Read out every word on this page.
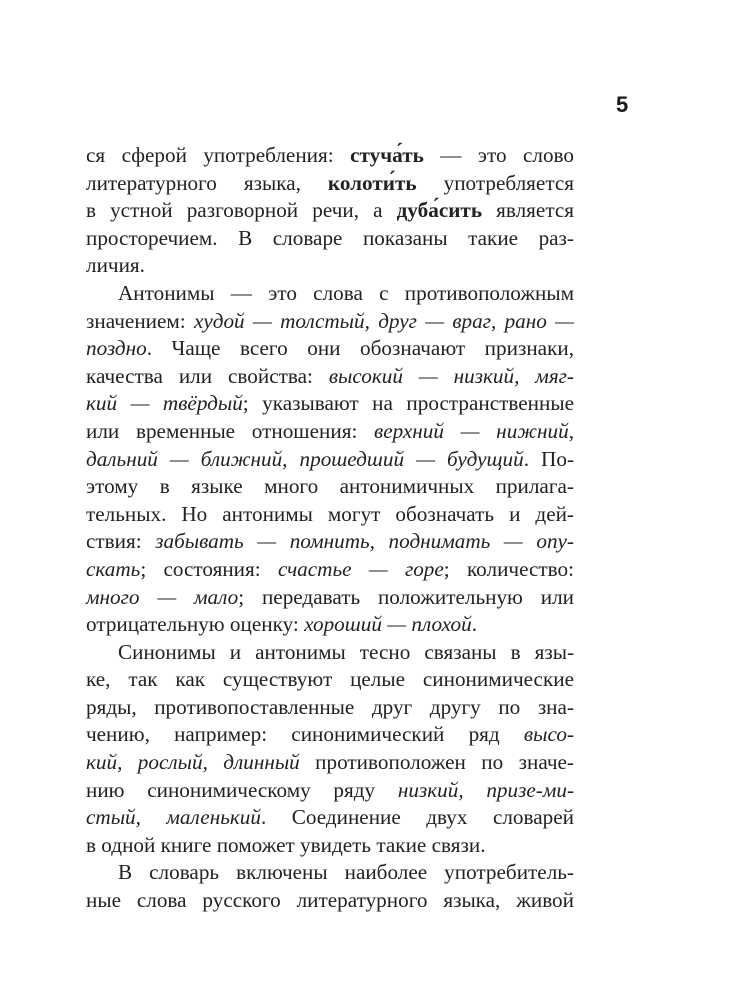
5
ся сферой употребления: стуча́ть — это слово
литературного языка, колоти́ть употребляется
в устной разговорной речи, а дуба́сить является
просторечием. В словаре показаны такие раз-
личия.
Антонимы — это слова с противоположным
значением: худой — толстый, друг — враг, рано —
поздно. Чаще всего они обозначают признаки,
качества или свойства: высокий — низкий, мяг-
кий — твёрдый; указывают на пространственные
или временные отношения: верхний — нижний,
дальний — ближний, прошедший — будущий. По-
этому в языке много антонимичных прилага-
тельных. Но антонимы могут обозначать и дей-
ствия: забывать — помнить, поднимать — опу-
скать; состояния: счастье — горе; количество:
много — мало; передавать положительную или
отрицательную оценку: хороший — плохой.
Синонимы и антонимы тесно связаны в язы-
ке, так как существуют целые синонимические
ряды, противопоставленные друг другу по зна-
чению, например: синонимический ряд высо-
кий, рослый, длинный противоположен по значе-
нию синонимическому ряду низкий, призе-ми-
стый, маленький. Соединение двух словарей
в одной книге поможет увидеть такие связи.
В словарь включены наиболее употребитель-
ные слова русского литературного языка, живой
